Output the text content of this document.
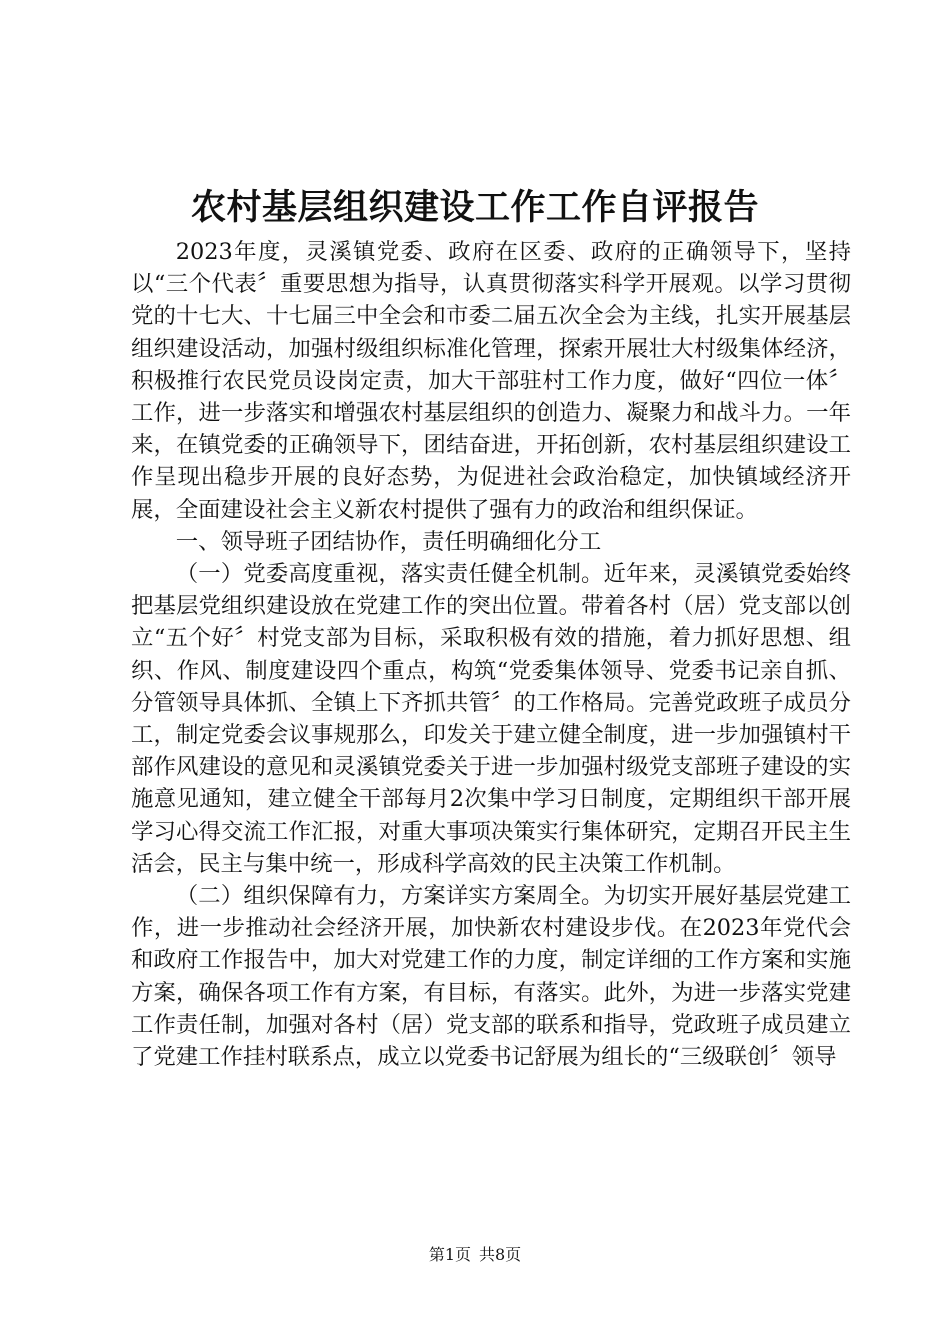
农村基层组织建设工作工作自评报告

2023年度，灵溪镇党委、政府在区委、政府的正确领导下，坚持以“三个代表〞重要思想为指导，认真贯彻落实科学开展观。以学习贯彻党的十七大、十七届三中全会和市委二届五次全会为主线，扎实开展基层组织建设活动，加强村级组织标准化管理，探索开展壮大村级集体经济，积极推行农民党员设岗定责，加大干部驻村工作力度，做好“四位一体〞工作，进一步落实和增强农村基层组织的创造力、凝聚力和战斗力。一年来，在镇党委的正确领导下，团结奋进，开拓创新，农村基层组织建设工作呈现出稳步开展的良好态势，为促进社会政治稳定，加快镇域经济开展，全面建设社会主义新农村提供了强有力的政治和组织保证。

一、领导班子团结协作，责任明确细化分工

（一）党委高度重视，落实责任健全机制。近年来，灵溪镇党委始终把基层党组织建设放在党建工作的突出位置。带着各村（居）党支部以创立“五个好〞村党支部为目标，采取积极有效的措施，着力抓好思想、组织、作风、制度建设四个重点，构筑“党委集体领导、党委书记亲自抓、分管领导具体抓、全镇上下齐抓共管〞的工作格局。完善党政班子成员分工，制定党委会议事规那么，印发关于建立健全制度，进一步加强镇村干部作风建设的意见和灵溪镇党委关于进一步加强村级党支部班子建设的实施意见通知，建立健全干部每月2次集中学习日制度，定期组织干部开展学习心得交流工作汇报，对重大事项决策实行集体研究，定期召开民主生活会，民主与集中统一，形成科学高效的民主决策工作机制。

（二）组织保障有力，方案详实方案周全。为切实开展好基层党建工作，进一步推动社会经济开展，加快新农村建设步伐。在2023年党代会和政府工作报告中，加大对党建工作的力度，制定详细的工作方案和实施方案，确保各项工作有方案，有目标，有落实。此外，为进一步落实党建工作责任制，加强对各村（居）党支部的联系和指导，党政班子成员建立了党建工作挂村联系点，成立以党委书记舒展为组长的“三级联创〞领导

第1页 共8页
